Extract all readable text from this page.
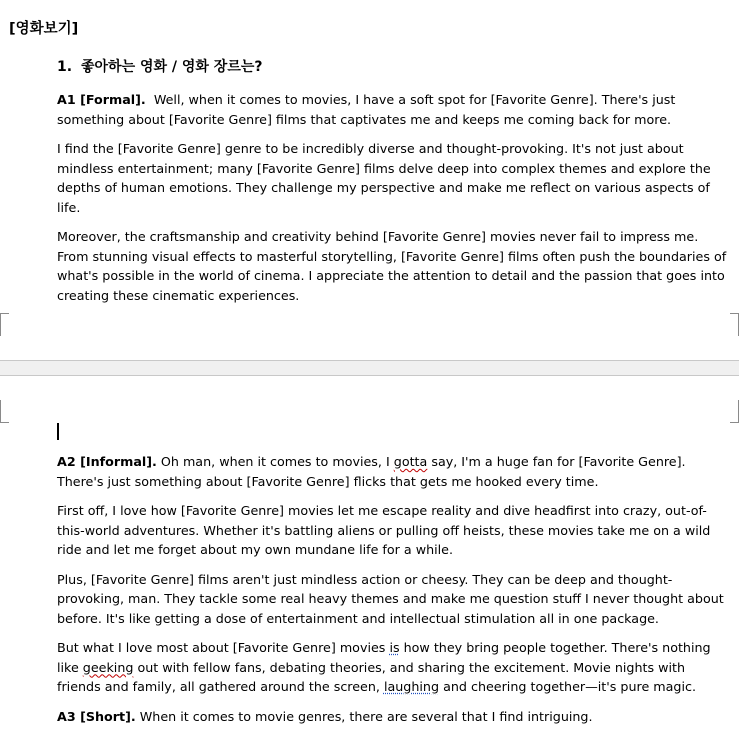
[영화보기]
1. 좋아하는 영화 / 영화 장르는?

A1 [Formal].  Well, when it comes to movies, I have a soft spot for [Favorite Genre]. There's just something about [Favorite Genre] films that captivates me and keeps me coming back for more.

I find the [Favorite Genre] genre to be incredibly diverse and thought-provoking. It's not just about mindless entertainment; many [Favorite Genre] films delve deep into complex themes and explore the depths of human emotions. They challenge my perspective and make me reflect on various aspects of life.

Moreover, the craftsmanship and creativity behind [Favorite Genre] movies never fail to impress me. From stunning visual effects to masterful storytelling, [Favorite Genre] films often push the boundaries of what's possible in the world of cinema. I appreciate the attention to detail and the passion that goes into creating these cinematic experiences.

A2 [Informal]. Oh man, when it comes to movies, I gotta say, I'm a huge fan for [Favorite Genre]. There's just something about [Favorite Genre] flicks that gets me hooked every time.

First off, I love how [Favorite Genre] movies let me escape reality and dive headfirst into crazy, out-of-this-world adventures. Whether it's battling aliens or pulling off heists, these movies take me on a wild ride and let me forget about my own mundane life for a while.

Plus, [Favorite Genre] films aren't just mindless action or cheesy. They can be deep and thought-provoking, man. They tackle some real heavy themes and make me question stuff I never thought about before. It's like getting a dose of entertainment and intellectual stimulation all in one package.

But what I love most about [Favorite Genre] movies is how they bring people together. There's nothing like geeking out with fellow fans, debating theories, and sharing the excitement. Movie nights with friends and family, all gathered around the screen, laughing and cheering together—it's pure magic.

A3 [Short]. When it comes to movie genres, there are several that I find intriguing.
